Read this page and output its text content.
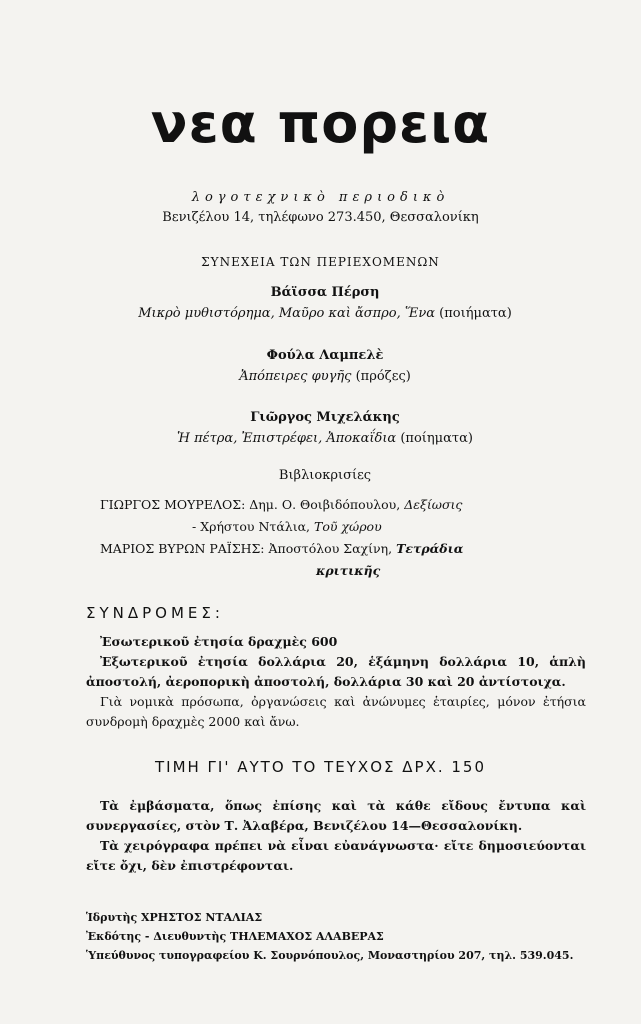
νεα πορεια
λογοτεχνικὸ περιοδικὸ
Βενιζέλου 14, τηλέφωνο 273.450, Θεσσαλονίκη
ΣΥΝΕΧΕΙΑ ΤΩΝ ΠΕΡΙΕΧΟΜΕΝΩΝ
Βάϊσσα Πέρση
Μικρὸ μυθιστόρημα, Μαῦρο καὶ ἄσπρο, Ἕνα (ποιήματα)
Φούλα Λαμπελὲ
Ἀπόπειρες φυγῆς (πρόζες)
Γιῶργος Μιχελάκης
Ἡ πέτρα, Ἐπιστρέφει, Ἀποκαΐδια (ποίηματα)
Βιβλιοκρισίες
ΓΙΩΡΓΟΣ ΜΟΥΡΕΛΟΣ: Δημ. Ο. Θοιβιδόπουλου, Δεξίωσις
- Χρήστου Ντάλια, Τοῦ χώρου
ΜΑΡΙΟΣ ΒΥΡΩΝ ΡΑΪΣΗΣ: Ἀποστόλου Σαχίνη, Τετράδια
κριτικῆς
ΣΥΝΔΡΟΜΕΣ:

Ἐσωτερικοῦ ἐτησία δραχμὲς 600

Ἐξωτερικοῦ ἐτησία δολλάρια 20, ἑξάμηνη δολλάρια 10, ἁπλὴ ἀποστολή, ἀεροπορικὴ ἀποστολή, δολλάρια 30 καὶ 20 ἀντίστοιχα.

Γιὰ νομικὰ πρόσωπα, ὀργανώσεις καὶ ἀνώνυμες ἑταιρίες, μόνον ἐτήσια συνδρομὴ δραχμὲς 2000 καὶ ἄνω.

ΤΙΜΗ ΓΙ' ΑΥΤΟ ΤΟ ΤΕΥΧΟΣ ΔΡΧ. 150

Τὰ ἐμβάσματα, ὅπως ἐπίσης καὶ τὰ κάθε εἴδους ἔντυπα καὶ συνεργασίες, στὸν Τ. Ἀλαβέρα, Βενιζέλου 14—Θεσσαλονίκη.

Τὰ χειρόγραφα πρέπει νὰ εἶναι εὐανάγνωστα· εἴτε δημοσιεύονται εἴτε ὄχι, δὲν ἐπιστρέφονται.

Ἱδρυτὴς ΧΡΗΣΤΟΣ ΝΤΑΛΙΑΣ
Ἐκδότης - Διευθυντὴς ΤΗΛΕΜΑΧΟΣ ΑΛΑΒΕΡΑΣ
Ὑπεύθυνος τυπογραφείου Κ. Σουρνόπουλος, Μοναστηρίου 207, τηλ. 539.045.
